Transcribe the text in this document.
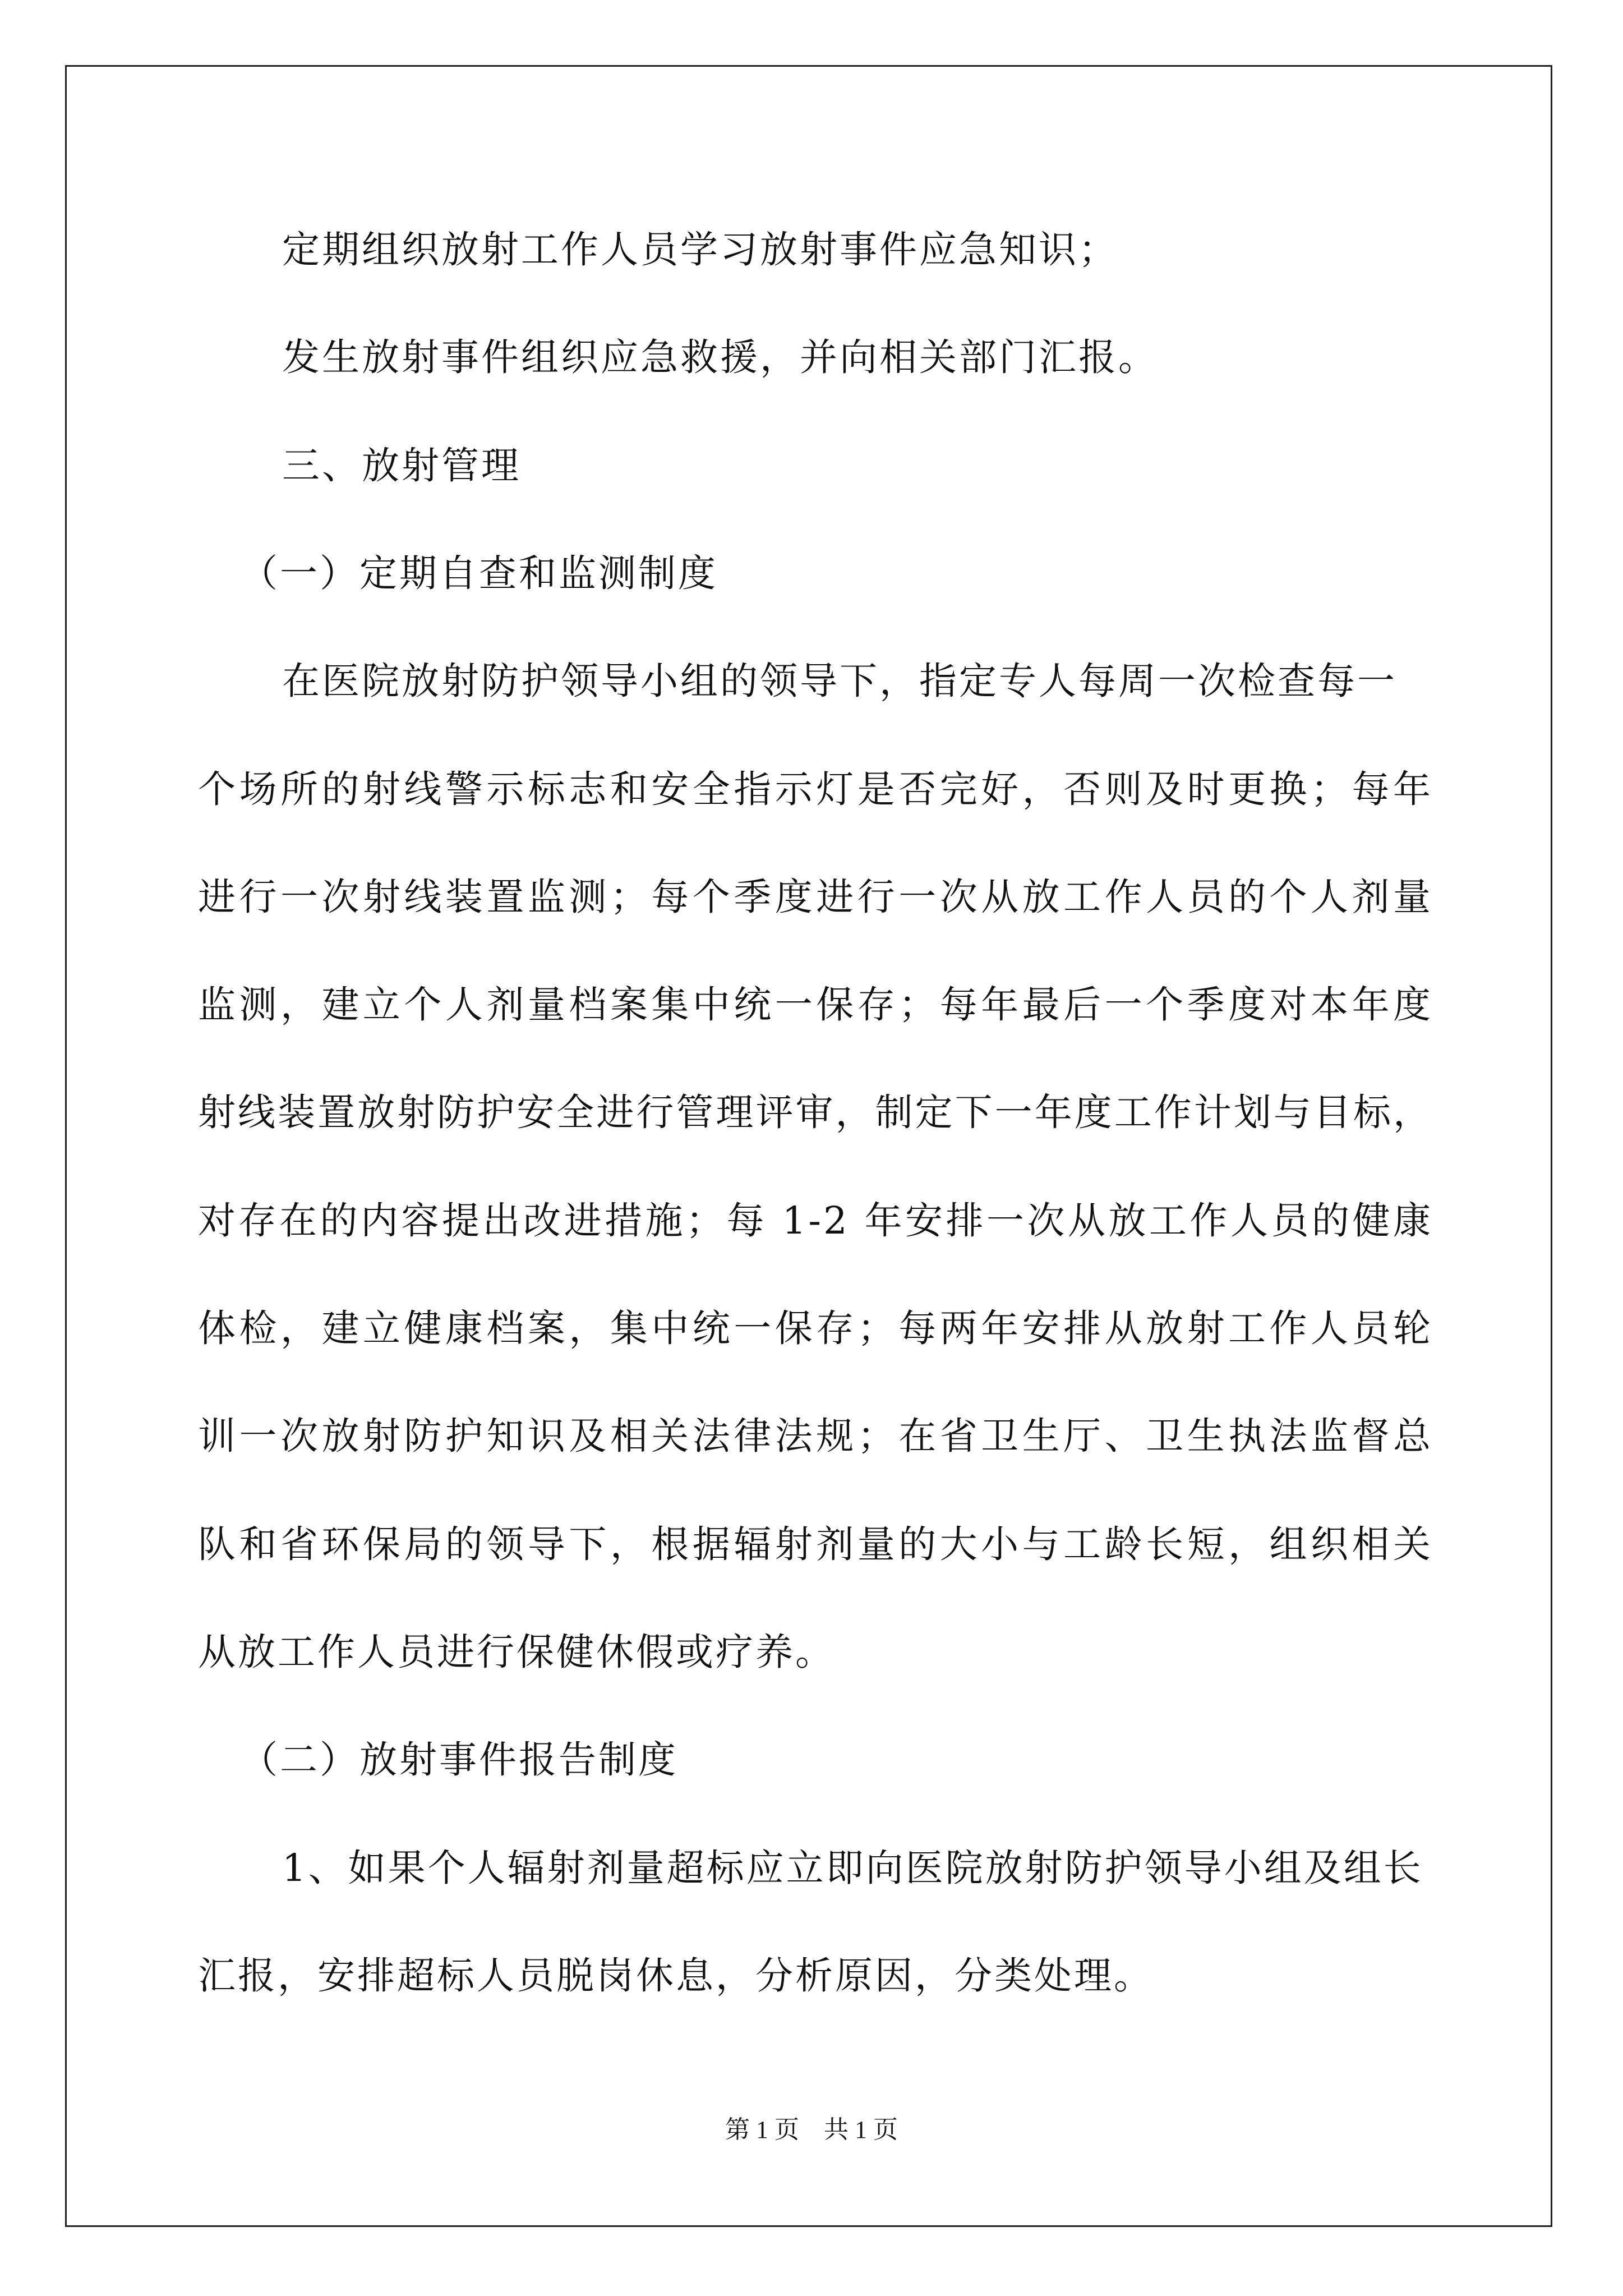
定期组织放射工作人员学习放射事件应急知识；
发生放射事件组织应急救援，并向相关部门汇报。
三、放射管理
（一）定期自查和监测制度
在医院放射防护领导小组的领导下，指定专人每周一次检查每一
个场所的射线警示标志和安全指示灯是否完好，否则及时更换；每年
进行一次射线装置监测；每个季度进行一次从放工作人员的个人剂量
监测，建立个人剂量档案集中统一保存；每年最后一个季度对本年度
射线装置放射防护安全进行管理评审，制定下一年度工作计划与目标，
对存在的内容提出改进措施；每 1-2 年安排一次从放工作人员的健康
体检，建立健康档案，集中统一保存；每两年安排从放射工作人员轮
训一次放射防护知识及相关法律法规；在省卫生厅、卫生执法监督总
队和省环保局的领导下，根据辐射剂量的大小与工龄长短，组织相关
从放工作人员进行保健休假或疗养。
（二）放射事件报告制度
1、如果个人辐射剂量超标应立即向医院放射防护领导小组及组长
汇报，安排超标人员脱岗休息，分析原因，分类处理。
第 1 页　共 1 页
